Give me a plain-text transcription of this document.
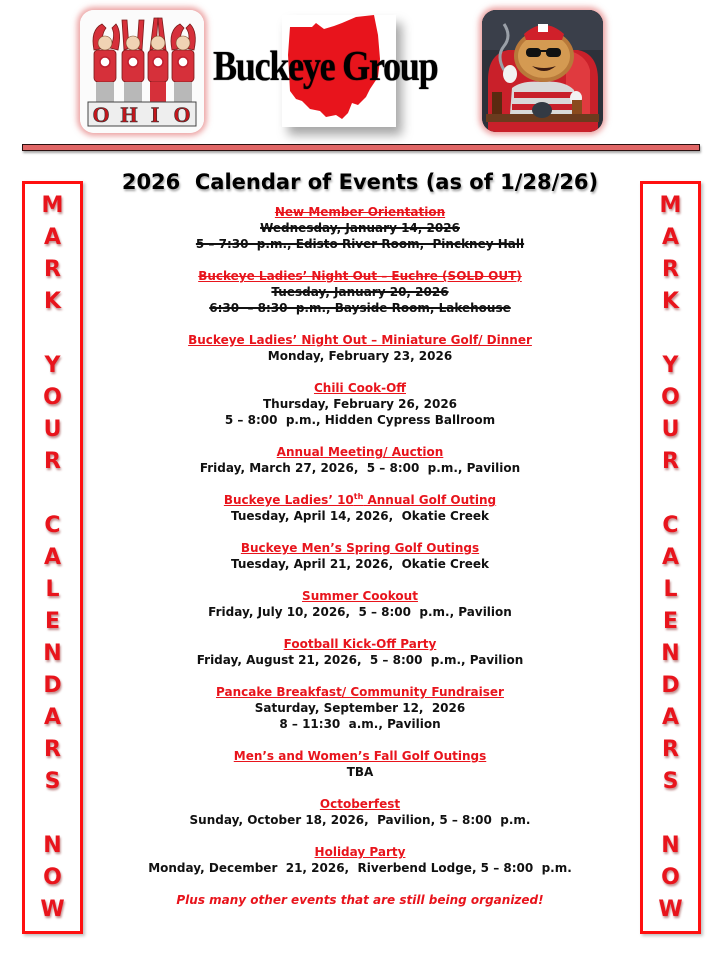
O H I O
Buckeye Group
M
A
R
K
Y
O
U
R
C
A
L
E
N
D
A
R
S
N
O
W
M
A
R
K
Y
O
U
R
C
A
L
E
N
D
A
R
S
N
O
W
2026  Calendar of Events (as of 1/28/26)
New Member Orientation
Wednesday, January 14, 2026
5 – 7:30  p.m., Edisto River Room,  Pinckney Hall
Buckeye Ladies’ Night Out – Euchre (SOLD OUT)
Tuesday, January 20, 2026
6:30  – 8:30  p.m., Bayside Room, Lakehouse
Buckeye Ladies’ Night Out – Miniature Golf/ Dinner
Monday, February 23, 2026
Chili Cook-Off
Thursday, February 26, 2026
5 – 8:00  p.m., Hidden Cypress Ballroom
Annual Meeting/ Auction
Friday, March 27, 2026,  5 – 8:00  p.m., Pavilion
Buckeye Ladies’ 10th Annual Golf Outing
Tuesday, April 14, 2026,  Okatie Creek
Buckeye Men’s Spring Golf Outings
Tuesday, April 21, 2026,  Okatie Creek
Summer Cookout
Friday, July 10, 2026,  5 – 8:00  p.m., Pavilion
Football Kick-Off Party
Friday, August 21, 2026,  5 – 8:00  p.m., Pavilion
Pancake Breakfast/ Community Fundraiser
Saturday, September 12,  2026
8 – 11:30  a.m., Pavilion
Men’s and Women’s Fall Golf Outings
TBA
Octoberfest
Sunday, October 18, 2026,  Pavilion, 5 – 8:00  p.m.
Holiday Party
Monday, December  21, 2026,  Riverbend Lodge, 5 – 8:00  p.m.
Plus many other events that are still being organized!
